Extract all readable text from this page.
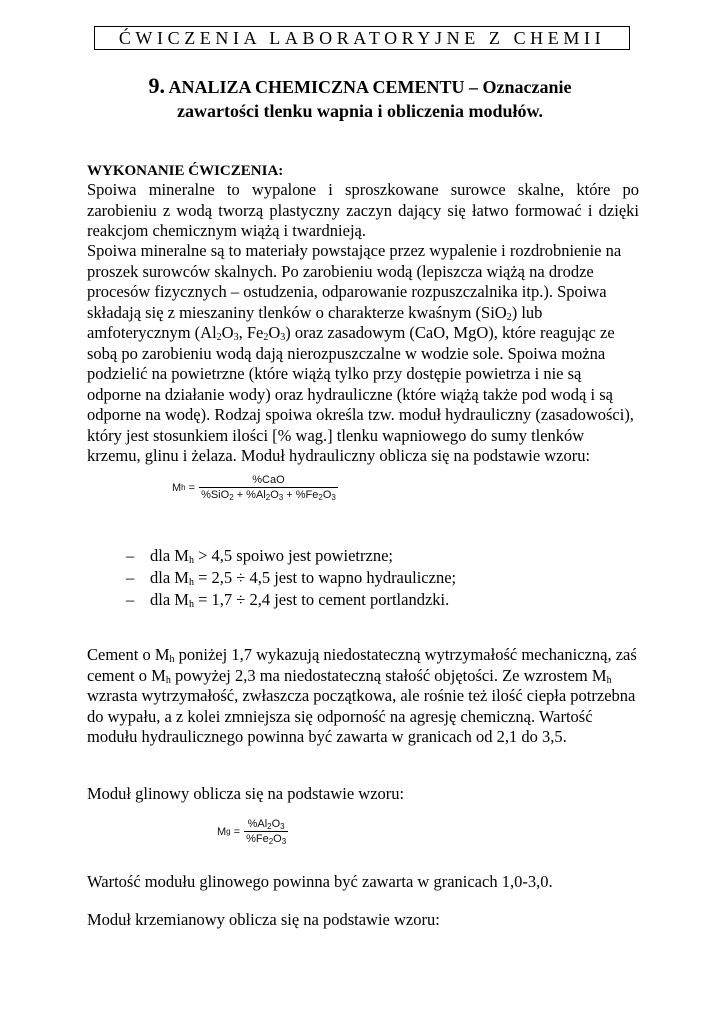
ĆWICZENIA LABORATORYJNE Z CHEMII
9. ANALIZA CHEMICZNA CEMENTU – Oznaczanie
zawartości tlenku wapnia i obliczenia modułów.
WYKONANIE ĆWICZENIA:
Spoiwa mineralne to wypalone i sproszkowane surowce skalne, które po zarobieniu z wodą tworzą plastyczny zaczyn dający się łatwo formować i dzięki reakcjom chemicznym wiążą i twardnieją.
Spoiwa mineralne są to materiały powstające przez wypalenie i rozdrobnienie na proszek surowców skalnych. Po zarobieniu wodą (lepiszcza wiążą na drodze procesów fizycznych – ostudzenia, odparowanie rozpuszczalnika itp.). Spoiwa składają się z mieszaniny tlenków o charakterze kwaśnym (SiO$_2$) lub amfoterycznym ($Al_2O_3$, $Fe_2O_3$) oraz zasadowym (CaO, MgO), które reagując ze sobą po zarobieniu wodą dają nierozpuszczalne w wodzie sole. Spoiwa można podzielić na powietrzne (które wiążą tylko przy dostępie powietrza i nie są odporne na działanie wody) oraz hydrauliczne (które wiążą także pod wodą i są odporne na wodę). Rodzaj spoiwa określa tzw. moduł hydrauliczny (zasadowości), który jest stosunkiem ilości [% wag.] tlenku wapniowego do sumy tlenków krzemu, glinu i żelaza. Moduł hydrauliczny oblicza się na podstawie wzoru:
M $h = \frac{\text{\%CaO}}{\%SiO_2 + \%Al_2O_3 + \%Fe_2O_3}$
– dla $M_h > 4,5$ spoiwo jest powietrzne;
– dla $M_h = 2,5 \div 4,5$ jest to wapno hydrauliczne;
– dla $M_h = 1,7 \div 2,4$ jest to cement portlandzki.
Cement o $M_h$ poniżej 1,7 wykazują niedostateczną wytrzymałość mechaniczną, zaś cement o $M_h$ powyżej 2,3 ma niedostateczną stałość objętości. Ze wzrostem $M_h$ wzrasta wytrzymałość, zwłaszcza początkowa, ale rośnie też ilość ciepła potrzebna do wypału, a z kolei zmniejsza się odporność na agresję chemiczną. Wartość modułu hydraulicznego powinna być zawarta w granicach od 2,1 do 3,5.
Moduł glinowy oblicza się na podstawie wzoru:
M $g = \frac{\%Al_2O_3}{\%Fe_2O_3}$
Wartość modułu glinowego powinna być zawarta w granicach 1,0-3,0.
Moduł krzemianowy oblicza się na podstawie wzoru:
